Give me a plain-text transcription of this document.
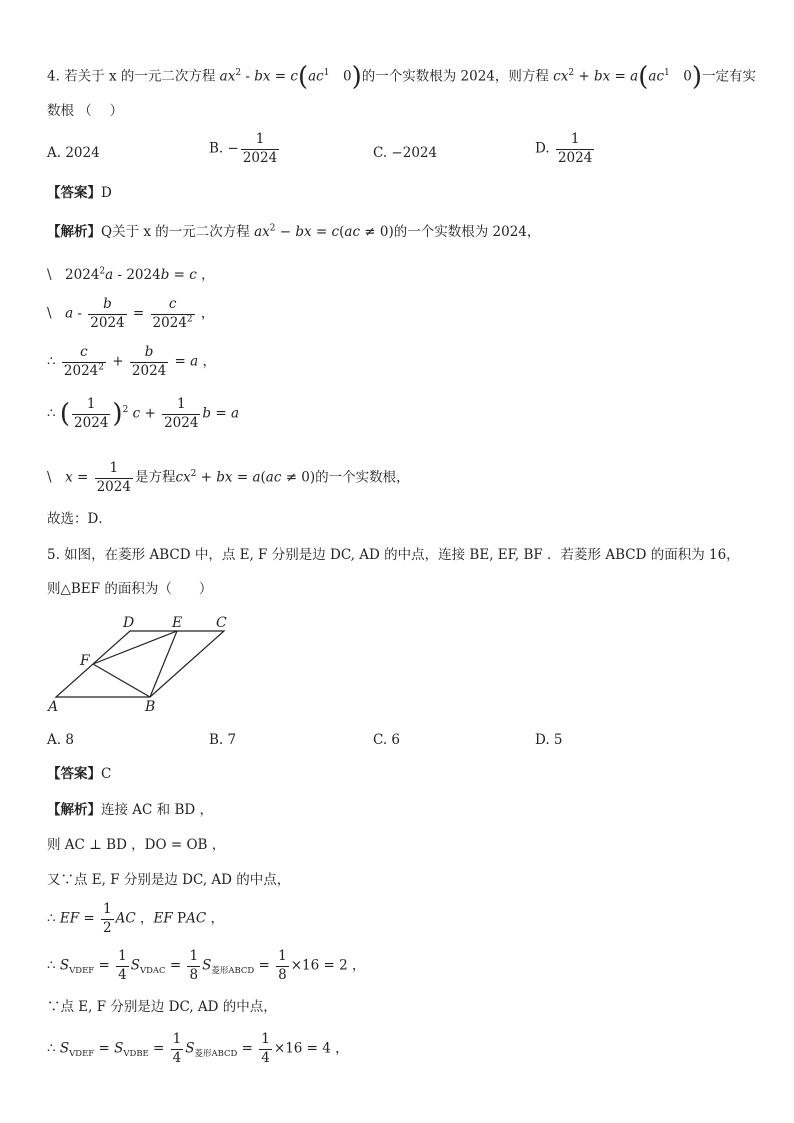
4. 若关于 x 的一元二次方程 $ax^2$ - bx = $c(ac^1$　0)的一个实数根为 2024，则方程 $cx^2$ + bx = $a(ac^1$　0)一定有实
数根 （　 ）
A. 2024	B. − $\frac{1}{2024}$	C. −2024	D. $\frac{1}{2024}$
【答案】D
【解析】Q关于 x 的一元二次方程 $ax^2$ − bx = c(ac ≠ 0)的一个实数根为 2024，
\　2024$^2$a - 2024b = c ，
\　$a - \frac{b}{2024} = \frac{c}{2024^2}$ ，
∴ $\frac{c}{2024^2} + \frac{b}{2024} = a$ ，
∴ ( $\frac{1}{2024} )^2$ $c + \frac{1}{2024}$ b = a
\　$x = \frac{1}{2024}$ 是方程$cx^2$ + bx = a(ac ≠ 0)的一个实数根，
故选：D．
5. 如图，在菱形 ABCD 中，点 E, F 分别是边 DC, AD 的中点，连接 BE, EF, BF ．若菱形 ABCD 的面积为 16，
则△BEF 的面积为（　　）
D	E C
F
A	B
A. 8	B. 7	C. 6	D. 5
【答案】C
【解析】连接 AC 和 BD ，
则 AC ⊥ BD ，DO = OB ，
又∵点 E, F 分别是边 DC, AD 的中点，
∴ EF = $\frac{1}{2}$ AC ，EF PAC ，
∴ $S_{VDEF} = \frac{1}{4} S_{VDAC} = \frac{1}{8} S_{菱形ABCD} = \frac{1}{8} \times 16 = 2$ ，
∵点 E, F 分别是边 DC, AD 的中点，
∴ $S_{VDEF} = S_{VDBE} = \frac{1}{4} S_{菱形ABCD} = \frac{1}{4} \times 16 = 4$ ，
